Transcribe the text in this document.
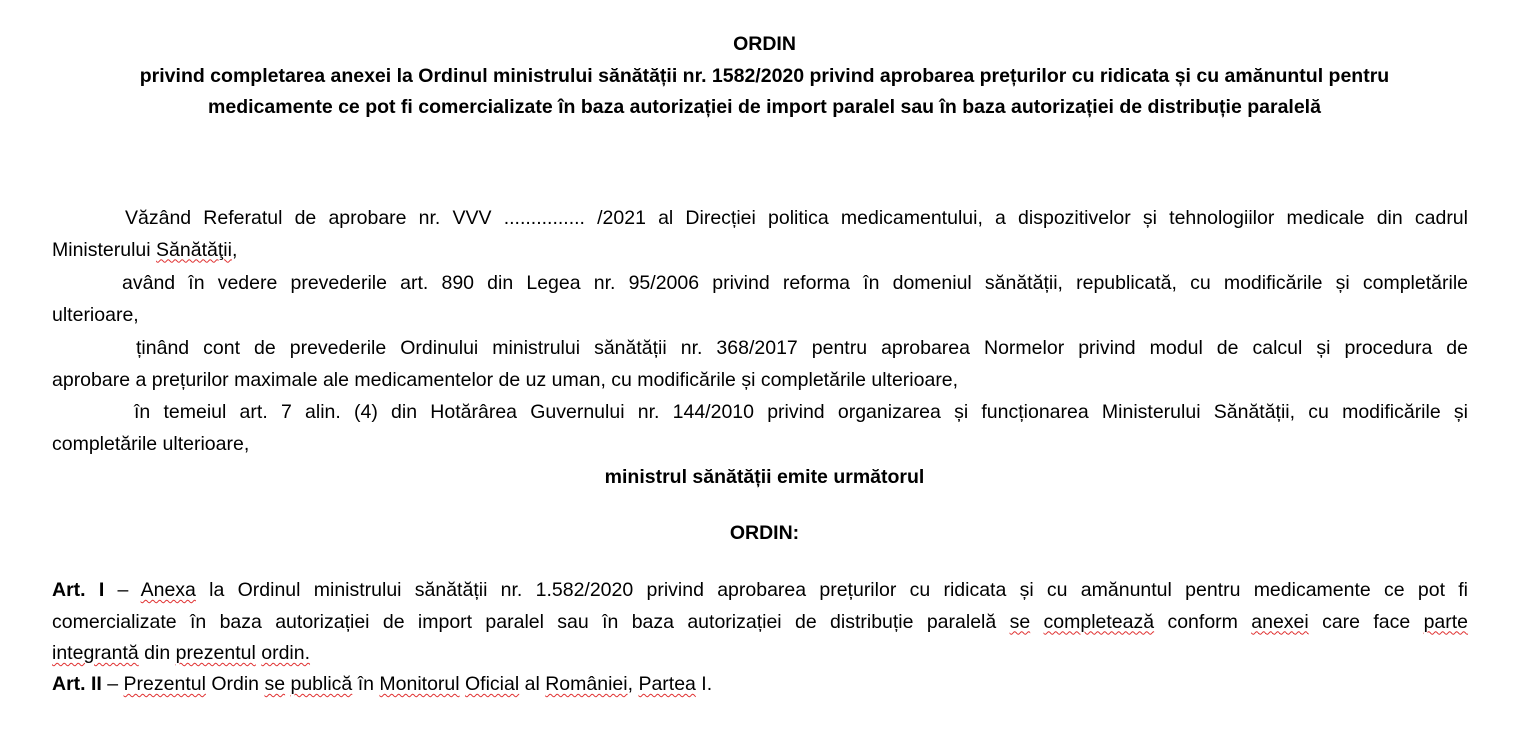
ORDIN
privind completarea anexei la Ordinul ministrului sănătății nr. 1582/2020 privind aprobarea prețurilor cu ridicata și cu amănuntul pentru
medicamente ce pot fi comercializate în baza autorizației de import paralel sau în baza autorizației de distribuție paralelă
Văzând Referatul de aprobare nr. VVV ............... /2021 al Direcției politica medicamentului, a dispozitivelor și tehnologiilor medicale din cadrul
Ministerului Sănătăţii,
având în vedere prevederile art. 890 din Legea nr. 95/2006 privind reforma în domeniul sănătății, republicată, cu modificările și completările
ulterioare,
ținând cont de prevederile Ordinului ministrului sănătății nr. 368/2017 pentru aprobarea Normelor privind modul de calcul și procedura de
aprobare a prețurilor maximale ale medicamentelor de uz uman, cu modificările și completările ulterioare,
în temeiul art. 7 alin. (4) din Hotărârea Guvernului nr. 144/2010 privind organizarea și funcționarea Ministerului Sănătății, cu modificările și
completările ulterioare,
ministrul sănătății emite următorul
ORDIN:
Art. I – Anexa la Ordinul ministrului sănătății nr. 1.582/2020 privind aprobarea prețurilor cu ridicata și cu amănuntul pentru medicamente ce pot fi
comercializate în baza autorizației de import paralel sau în baza autorizației de distribuție paralelă se completează conform anexei care face parte
integrantă din prezentul ordin.
Art. II – Prezentul Ordin se publică în Monitorul Oficial al României, Partea I.
